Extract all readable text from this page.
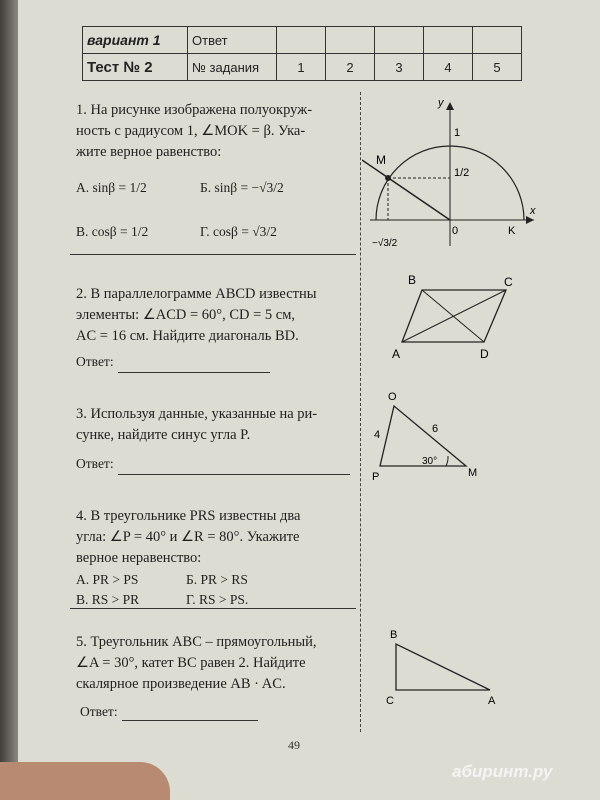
вариант 1	Ответ					
Тест № 2	№ задания	1	2	3	4	5
1. На рисунке изображена полуокруж-
ность с радиусом 1, ∠MOK = β. Ука-
жите верное равенство:
А. sinβ = 1/2	Б. sinβ = −√3/2
В. cosβ = 1/2	Г. cosβ = √3/2
y
x
1
1/2
−√3/2
M
0	K
2. В параллелограмме ABCD известны
элементы: ∠ACD = 60°, CD = 5 см,
AC = 16 см. Найдите диагональ BD.
Ответ:	A
B	C
D
3. Используя данные, указанные на ри-
сунке, найдите синус угла P.
Ответ:
O
P	M
4	6
30°
4. В треугольнике PRS известны два
угла: ∠P = 40° и ∠R = 80°. Укажите
верное неравенство:
А. PR > PS	Б. PR > RS
В. RS > PR	Г. RS > PS.
5. Треугольник ABC – прямоугольный,
∠A = 30°, катет BC равен 2. Найдите
скалярное произведение AB · AC.
Ответ:
B
C	A
49
абиринт.ру
